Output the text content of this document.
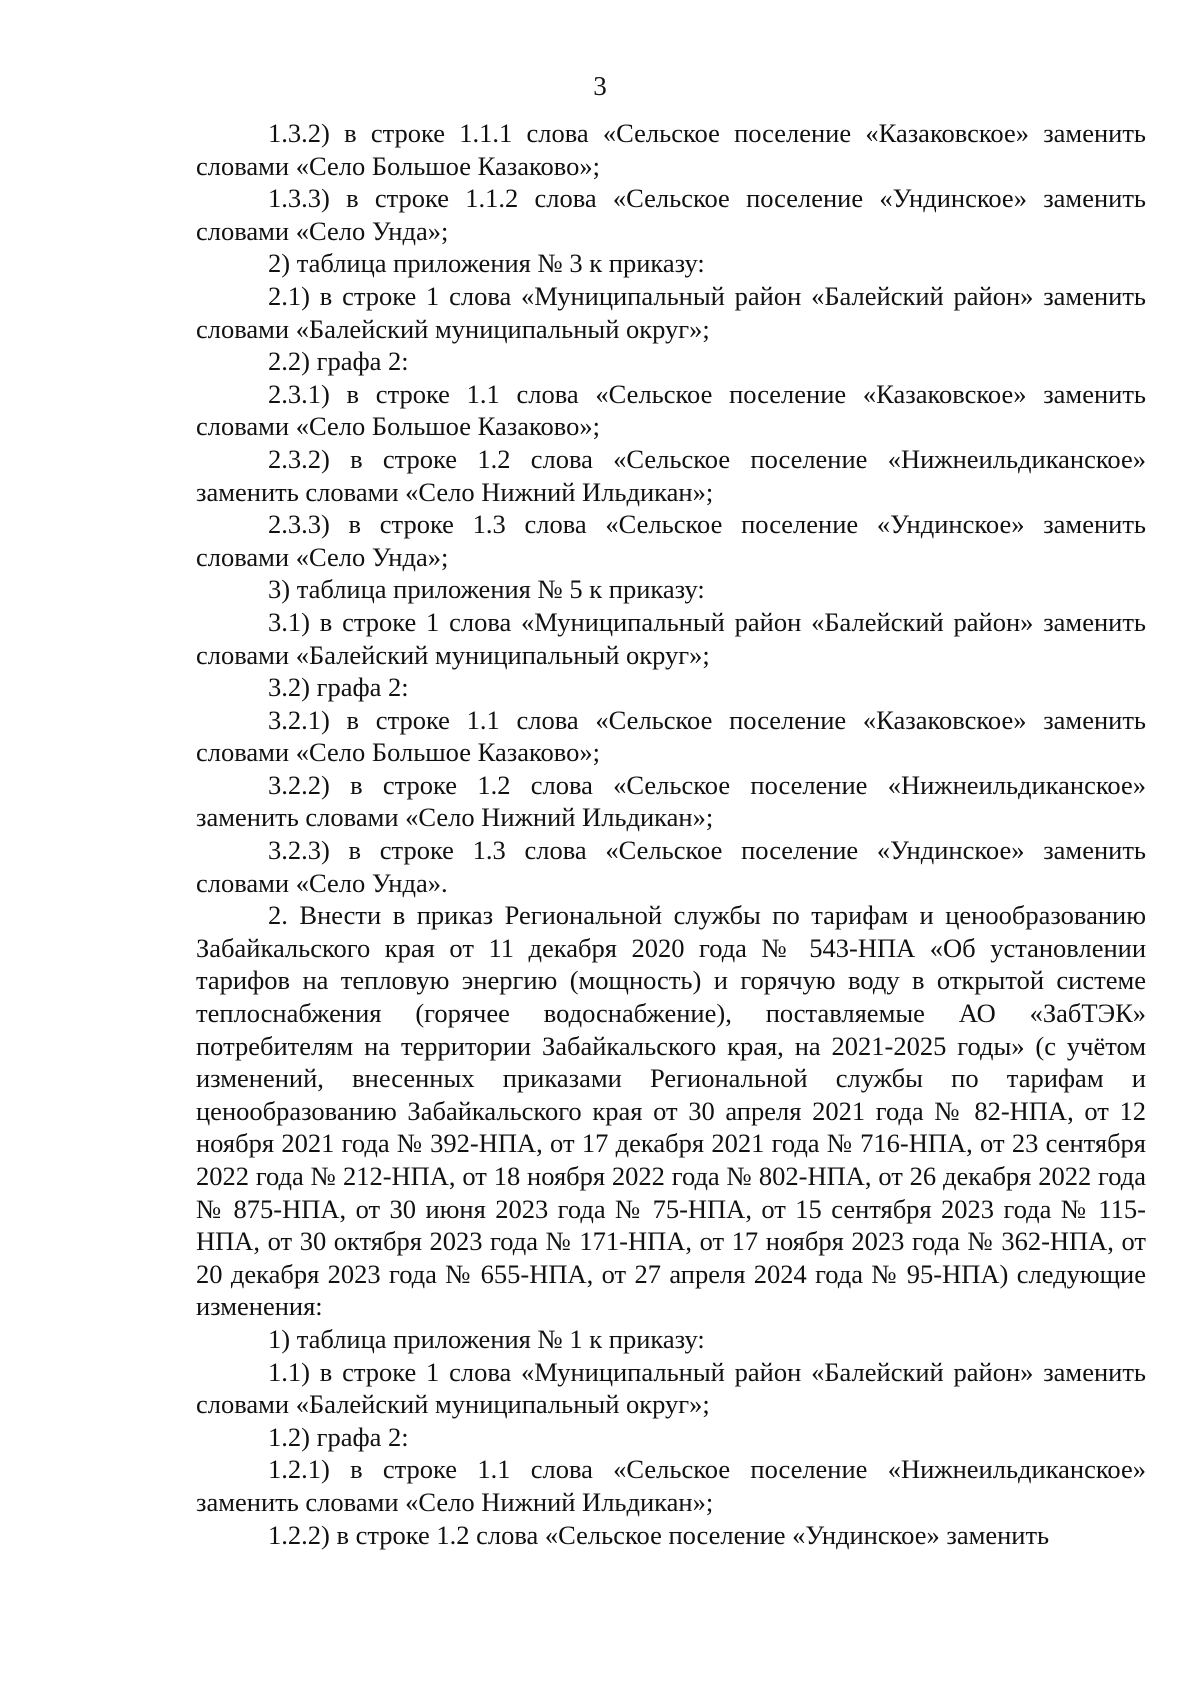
3

1.3.2) в строке 1.1.1 слова «Сельское поселение «Казаковское» заменить словами «Село Большое Казаково»;

1.3.3) в строке 1.1.2 слова «Сельское поселение «Ундинское» заменить словами «Село Унда»;

2) таблица приложения № 3 к приказу:

2.1) в строке 1 слова «Муниципальный район «Балейский район» заменить словами «Балейский муниципальный округ»;

2.2) графа 2:

2.3.1) в строке 1.1 слова «Сельское поселение «Казаковское» заменить словами «Село Большое Казаково»;

2.3.2) в строке 1.2 слова «Сельское поселение «Нижнеильдиканское» заменить словами «Село Нижний Ильдикан»;

2.3.3) в строке 1.3 слова «Сельское поселение «Ундинское» заменить словами «Село Унда»;

3) таблица приложения № 5 к приказу:

3.1) в строке 1 слова «Муниципальный район «Балейский район» заменить словами «Балейский муниципальный округ»;

3.2) графа 2:

3.2.1) в строке 1.1 слова «Сельское поселение «Казаковское» заменить словами «Село Большое Казаково»;

3.2.2) в строке 1.2 слова «Сельское поселение «Нижнеильдиканское» заменить словами «Село Нижний Ильдикан»;

3.2.3) в строке 1.3 слова «Сельское поселение «Ундинское» заменить словами «Село Унда».

2. Внести в приказ Региональной службы по тарифам и ценообразованию Забайкальского края от 11 декабря 2020 года № 543-НПА «Об установлении тарифов на тепловую энергию (мощность) и горячую воду в открытой системе теплоснабжения (горячее водоснабжение), поставляемые АО «ЗабТЭК» потребителям на территории Забайкальского края, на 2021-2025 годы» (с учётом изменений, внесенных приказами Региональной службы по тарифам и ценообразованию Забайкальского края от 30 апреля 2021 года № 82-НПА, от 12 ноября 2021 года № 392-НПА, от 17 декабря 2021 года № 716-НПА, от 23 сентября 2022 года № 212-НПА, от 18 ноября 2022 года № 802-НПА, от 26 декабря 2022 года № 875-НПА, от 30 июня 2023 года № 75-НПА, от 15 сентября 2023 года № 115-НПА, от 30 октября 2023 года № 171-НПА, от 17 ноября 2023 года № 362-НПА, от 20 декабря 2023 года № 655-НПА, от 27 апреля 2024 года № 95-НПА) следующие изменения:

1) таблица приложения № 1 к приказу:

1.1) в строке 1 слова «Муниципальный район «Балейский район» заменить словами «Балейский муниципальный округ»;

1.2) графа 2:

1.2.1) в строке 1.1 слова «Сельское поселение «Нижнеильдиканское» заменить словами «Село Нижний Ильдикан»;

1.2.2) в строке 1.2 слова «Сельское поселение «Ундинское» заменить
